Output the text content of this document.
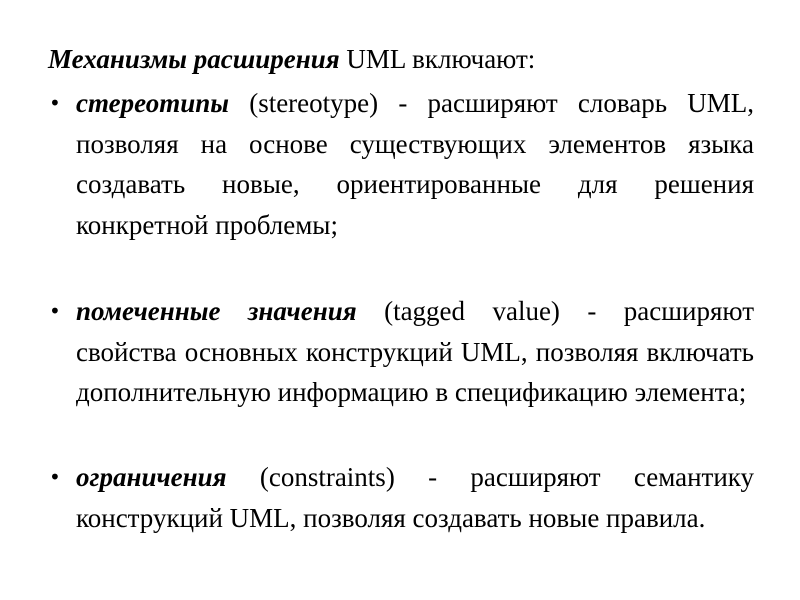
Механизмы расширения UML включают:
• стереотипы (stereotype) - расширяют словарь UML, позволяя на основе существующих элементов языка создавать новые, ориентированные для решения конкретной проблемы;
• помеченные значения (tagged value) - расширяют свойства основных конструкций UML, позволяя включать дополнительную информацию в спецификацию элемента;
• ограничения (constraints) - расширяют семантику конструкций UML, позволяя создавать новые правила.
